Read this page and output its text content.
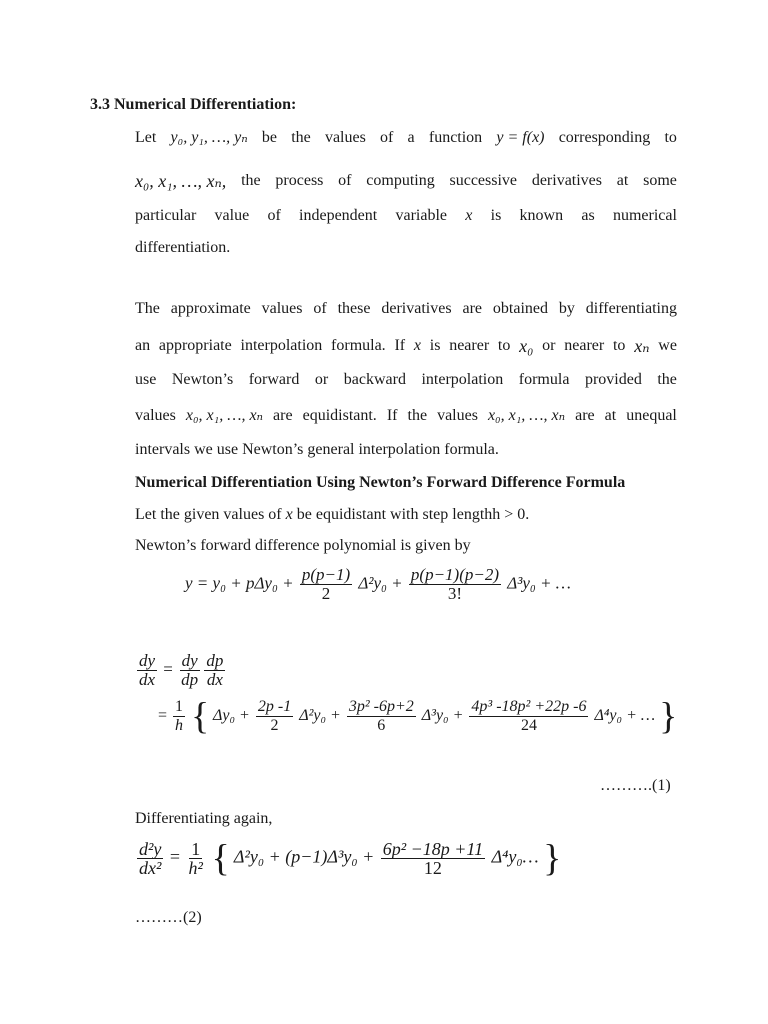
3.3 Numerical Differentiation:
Let y₀, y₁, …, yₙ be the values of a function y = f(x) corresponding to
x₀, x₁, …, xₙ, the process of computing successive derivatives at some
particular value of independent variable x is known as numerical
differentiation.
The approximate values of these derivatives are obtained by differentiating
an appropriate interpolation formula. If x is nearer to x₀ or nearer to xₙ we
use Newton’s forward or backward interpolation formula provided the
values x₀, x₁, …, xₙ are equidistant. If the values x₀, x₁, …, xₙ are at unequal
intervals we use Newton’s general interpolation formula.
Numerical Differentiation Using Newton’s Forward Difference Formula
Let the given values of x be equidistant with step lengthh > 0.
Newton’s forward difference polynomial is given by
$y = y_0 + p\Delta y_0 + \frac{p(p-1)}{2} \Delta^2y_0 + \frac{p(p-1)(p-2)}{3!} \Delta^3y_0$ + …
$\frac{dy}{dx} = \frac{dy}{dp}$
$\frac{dp}{dx}$
= $\frac{1}{h}$ { $\Delta y_0 + \frac{2p -1}{2} \Delta^2y_0 + \frac{\text{3p² -6p+2}}{6} \Delta^3y_0 + \frac{\text{4p³ -18p² +22p -6}}{24} \Delta^4y_0$ + … }
……….(1)
Differentiating again,
$\frac{\text{d²y}}{\text{dx²}} = \frac{1}{\text{h²}}$ { $\Delta^2y_0 + (p-1)\Delta^3y_0 + \frac{\text{6p² −18p +11}}{12}$ Δ⁴y₀… }
………(2)
